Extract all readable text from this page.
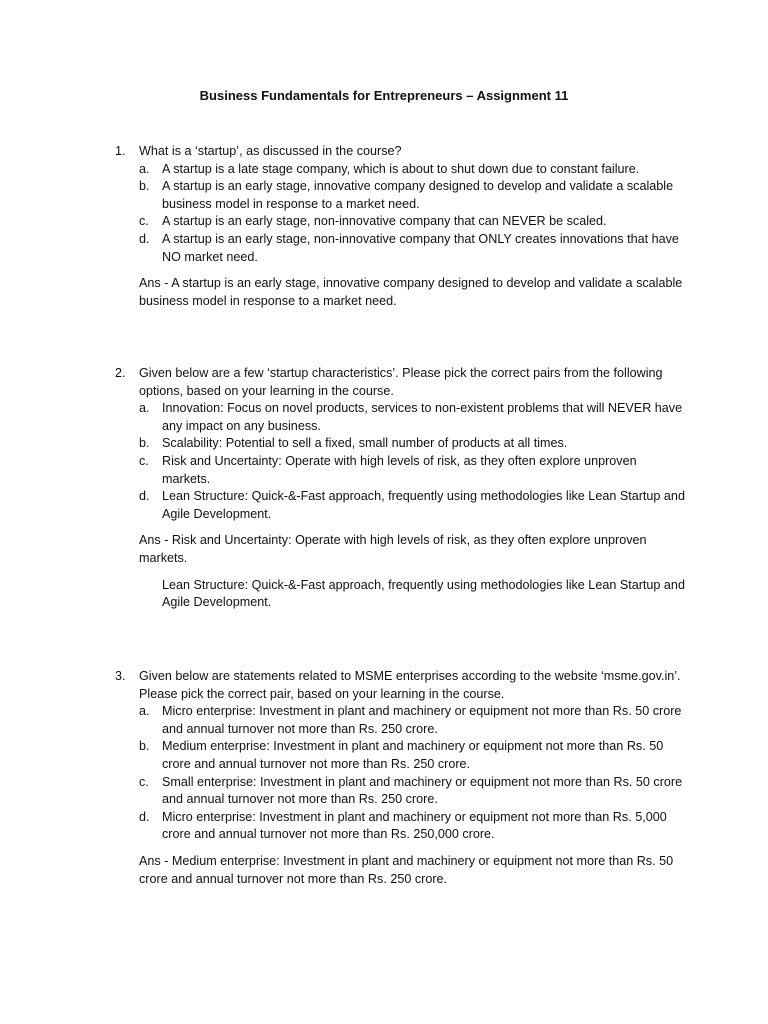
Business Fundamentals for Entrepreneurs – Assignment 11
1.	What is a ‘startup’, as discussed in the course?
a. A startup is a late stage company, which is about to shut down due to constant failure.
b. A startup is an early stage, innovative company designed to develop and validate a scalable business model in response to a market need.
c.	A startup is an early stage, non-innovative company that can NEVER be scaled.
d. A startup is an early stage, non-innovative company that ONLY creates innovations that have NO market need.
Ans - A startup is an early stage, innovative company designed to develop and validate a scalable business model in response to a market need.
2.	Given below are a few ‘startup characteristics’. Please pick the correct pairs from the following options, based on your learning in the course.
a. Innovation: Focus on novel products, services to non-existent problems that will NEVER have any impact on any business.
b. Scalability: Potential to sell a fixed, small number of products at all times.
c.	Risk and Uncertainty: Operate with high levels of risk, as they often explore unproven markets.
d. Lean Structure: Quick-&-Fast approach, frequently using methodologies like Lean Startup and Agile Development.
Ans - Risk and Uncertainty: Operate with high levels of risk, as they often explore unproven markets.
Lean Structure: Quick-&-Fast approach, frequently using methodologies like Lean Startup and Agile Development.
3.	Given below are statements related to MSME enterprises according to the website ‘msme.gov.in’. Please pick the correct pair, based on your learning in the course.
a. Micro enterprise: Investment in plant and machinery or equipment not more than Rs. 50 crore and annual turnover not more than Rs. 250 crore.
b. Medium enterprise: Investment in plant and machinery or equipment not more than Rs. 50 crore and annual turnover not more than Rs. 250 crore.
c.	Small enterprise: Investment in plant and machinery or equipment not more than Rs. 50 crore and annual turnover not more than Rs. 250 crore.
d. Micro enterprise: Investment in plant and machinery or equipment not more than Rs. 5,000 crore and annual turnover not more than Rs. 250,000 crore.
Ans - Medium enterprise: Investment in plant and machinery or equipment not more than Rs. 50 crore and annual turnover not more than Rs. 250 crore.
